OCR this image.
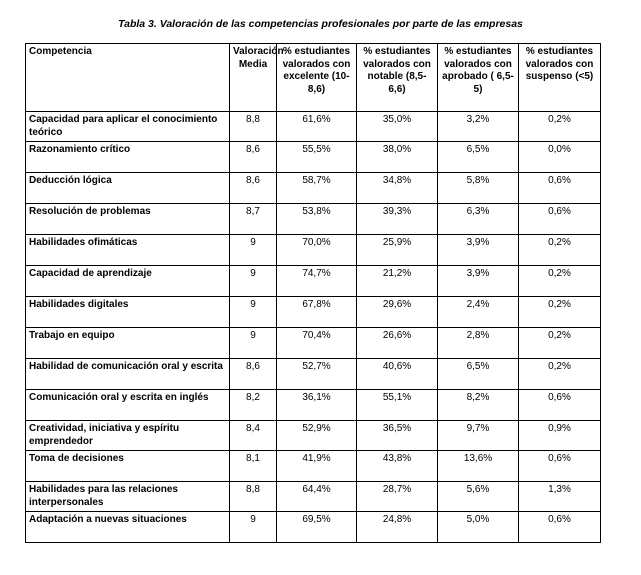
Tabla 3. Valoración de las competencias profesionales por parte de las empresas
Competencia	Valoración Media	% estudiantes valorados con excelente (10-8,6)	% estudiantes valorados con notable (8,5-6,6)	% estudiantes valorados con aprobado ( 6,5-5)	% estudiantes valorados con suspenso (<5)
Capacidad para aplicar el conocimiento teórico	8,8	61,6%	35,0%	3,2%	0,2%
Razonamiento crítico	8,6	55,5%	38,0%	6,5%	0,0%
Deducción lógica	8,6	58,7%	34,8%	5,8%	0,6%
Resolución de problemas	8,7	53,8%	39,3%	6,3%	0,6%
Habilidades ofimáticas	9	70,0%	25,9%	3,9%	0,2%
Capacidad de aprendizaje	9	74,7%	21,2%	3,9%	0,2%
Habilidades digitales	9	67,8%	29,6%	2,4%	0,2%
Trabajo en equipo	9	70,4%	26,6%	2,8%	0,2%
Habilidad de comunicación oral y escrita	8,6	52,7%	40,6%	6,5%	0,2%
Comunicación oral y escrita en inglés	8,2	36,1%	55,1%	8,2%	0,6%
Creatividad, iniciativa y espíritu emprendedor	8,4	52,9%	36,5%	9,7%	0,9%
Toma de decisiones	8,1	41,9%	43,8%	13,6%	0,6%
Habilidades para las relaciones interpersonales	8,8	64,4%	28,7%	5,6%	1,3%
Adaptación a nuevas situaciones	9	69,5%	24,8%	5,0%	0,6%
